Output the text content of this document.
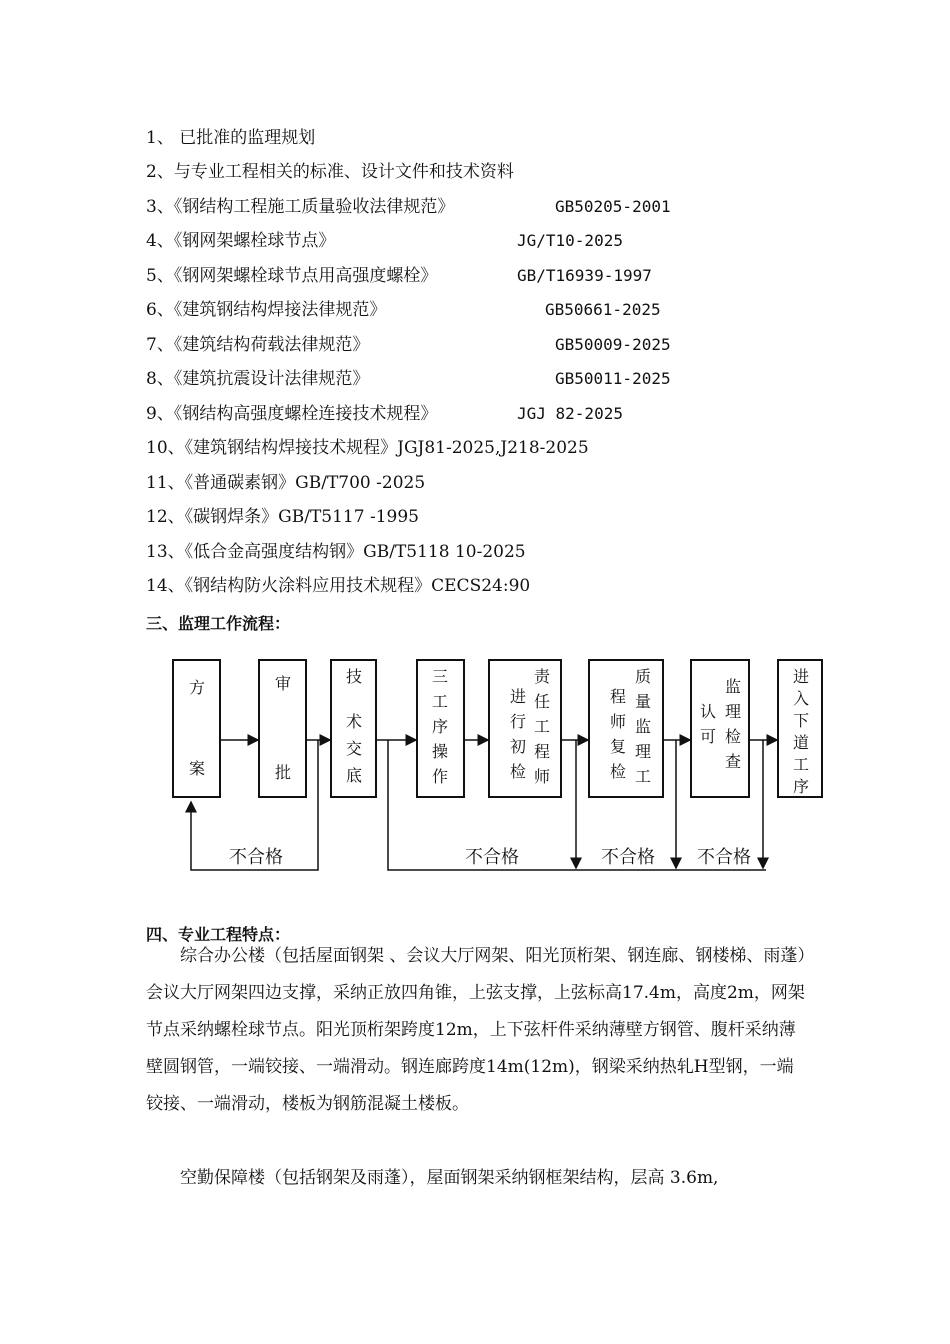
1、 已批准的监理规划
2、与专业工程相关的标准、设计文件和技术资料
3、《钢结构工程施工质量验收法律规范》	GB50205-2001
4、《钢网架螺栓球节点》	JG/T10-2025
5、《钢网架螺栓球节点用高强度螺栓》	GB/T16939-1997
6、《建筑钢结构焊接法律规范》	GB50661-2025
7、《建筑结构荷载法律规范》	GB50009-2025
8、《建筑抗震设计法律规范》	GB50011-2025
9、《钢结构高强度螺栓连接技术规程》	JGJ 82-2025
10、《建筑钢结构焊接技术规程》JGJ81-2025,J218-2025
11、《普通碳素钢》GB/T700 -2025
12、《碳钢焊条》GB/T5117 -1995
13、《低合金高强度结构钢》GB/T5118 10-2025
14、《钢结构防火涂料应用技术规程》CECS24:90
三、监理工作流程：
方
案
审
批
技
术
交
底
三
工
序
操
作
进
行
初
检
责
任
工
程
师
程
师
复
检
质
量
监
理
工
认
可
监
理
检
查
进
入
下
道
工
序
不合格	不合格	不合格 不合格
四、专业工程特点：
综合办公楼（包括屋面钢架 、会议大厅网架、阳光顶桁架、钢连廊、钢楼梯、雨蓬）会议大厅网架四边支撑，采纳正放四角锥，上弦支撑，上弦标高17.4m，高度2m，网架节点采纳螺栓球节点。阳光顶桁架跨度12m，上下弦杆件采纳薄壁方钢管、腹杆采纳薄壁圆钢管，一端铰接、一端滑动。钢连廊跨度14m(12m)，钢梁采纳热轧H型钢，一端铰接、一端滑动，楼板为钢筋混凝土楼板。
空勤保障楼（包括钢架及雨蓬），屋面钢架采纳钢框架结构，层高 3.6m,
